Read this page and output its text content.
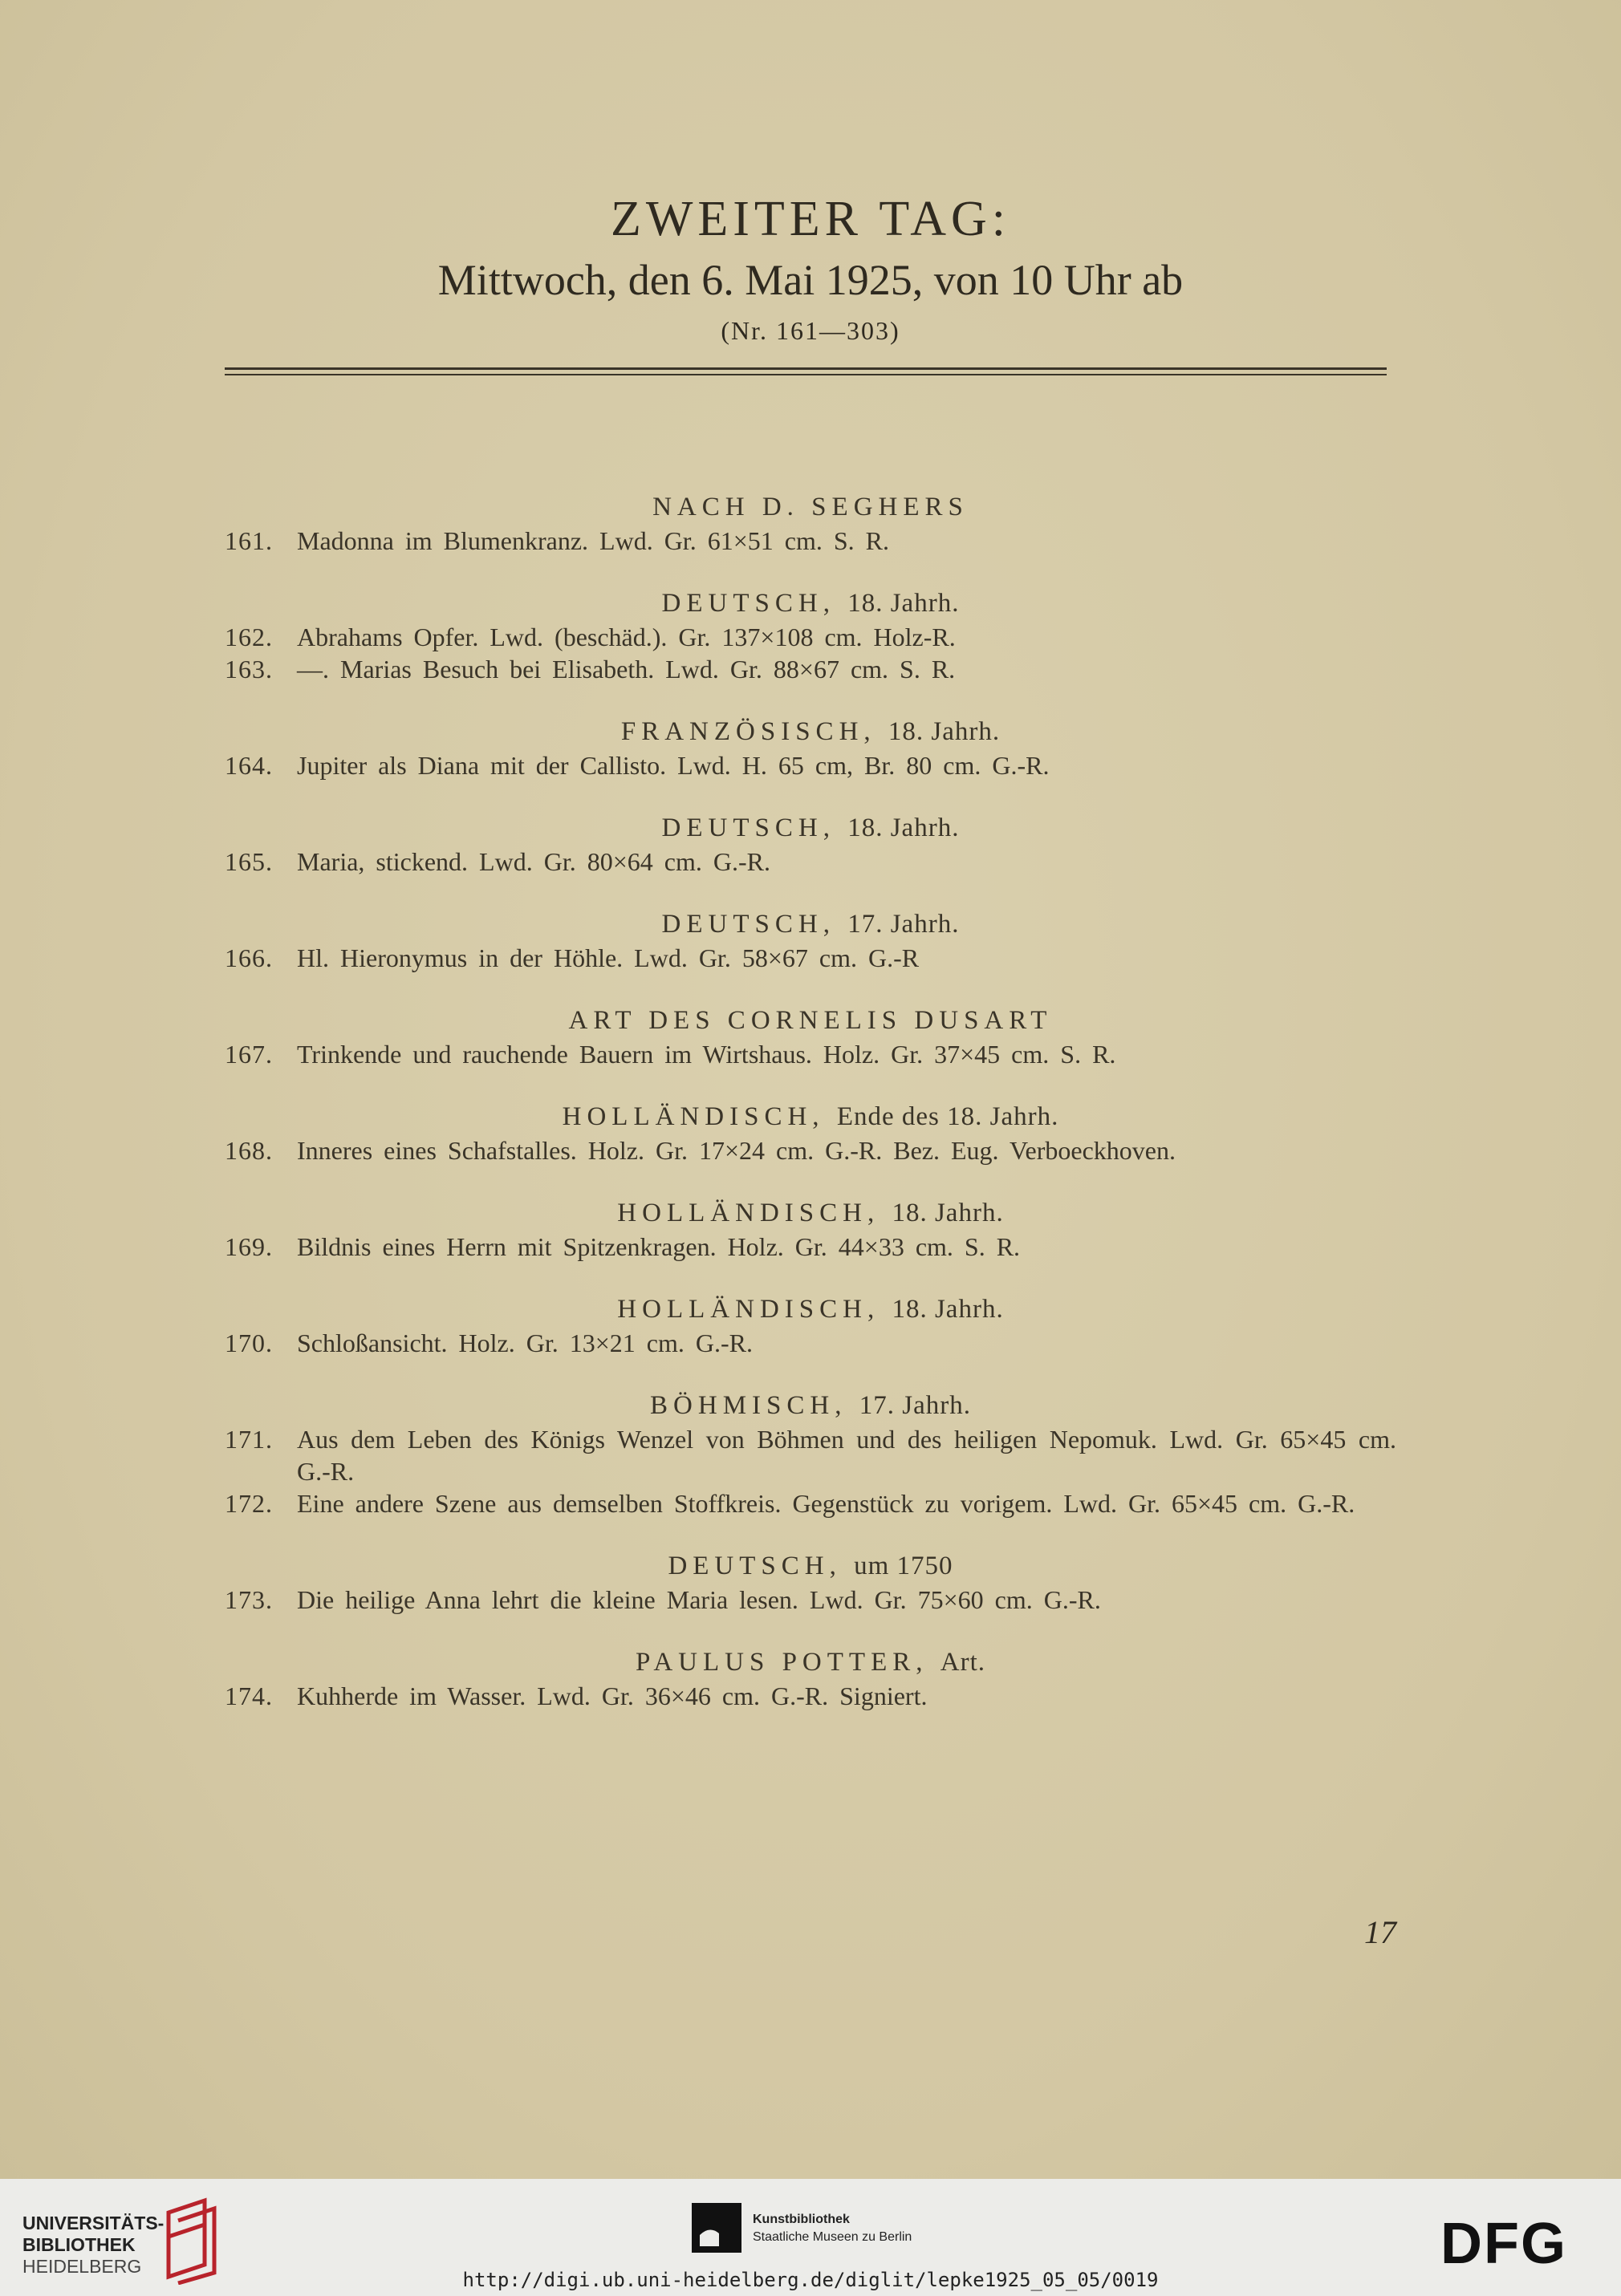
ZWEITER TAG:
Mittwoch, den 6. Mai 1925, von 10 Uhr ab
(Nr. 161—303)
NACH D. SEGHERS
161. Madonna im Blumenkranz. Lwd. Gr. 61×51 cm. S. R.
DEUTSCH, 18. Jahrh.
162. Abrahams Opfer. Lwd. (beschäd.). Gr. 137×108 cm. Holz-R.
163. —. Marias Besuch bei Elisabeth. Lwd. Gr. 88×67 cm. S. R.
FRANZÖSISCH, 18. Jahrh.
164. Jupiter als Diana mit der Callisto. Lwd. H. 65 cm, Br. 80 cm. G.-R.
DEUTSCH, 18. Jahrh.
165. Maria, stickend. Lwd. Gr. 80×64 cm. G.-R.
DEUTSCH, 17. Jahrh.
166. Hl. Hieronymus in der Höhle. Lwd. Gr. 58×67 cm. G.-R
ART DES CORNELIS DUSART
167. Trinkende und rauchende Bauern im Wirtshaus. Holz. Gr. 37×45 cm. S. R.
HOLLÄNDISCH, Ende des 18. Jahrh.
168. Inneres eines Schafstalles. Holz. Gr. 17×24 cm. G.-R. Bez. Eug. Verboeckhoven.
HOLLÄNDISCH, 18. Jahrh.
169. Bildnis eines Herrn mit Spitzenkragen. Holz. Gr. 44×33 cm. S. R.
HOLLÄNDISCH, 18. Jahrh.
170. Schloßansicht. Holz. Gr. 13×21 cm. G.-R.
BÖHMISCH, 17. Jahrh.
171. Aus dem Leben des Königs Wenzel von Böhmen und des heiligen Nepomuk. Lwd. Gr. 65×45 cm. G.-R.
172. Eine andere Szene aus demselben Stoffkreis. Gegenstück zu vorigem. Lwd. Gr. 65×45 cm. G.-R.
DEUTSCH, um 1750
173. Die heilige Anna lehrt die kleine Maria lesen. Lwd. Gr. 75×60 cm. G.-R.
PAULUS POTTER, Art.
174. Kuhherde im Wasser. Lwd. Gr. 36×46 cm. G.-R. Signiert.
17
UNIVERSITÄTS-
BIBLIOTHEK
HEIDELBERG
Kunstbibliothek
Staatliche Museen zu Berlin	DFG
http://digi.ub.uni-heidelberg.de/diglit/lepke1925_05_05/0019
